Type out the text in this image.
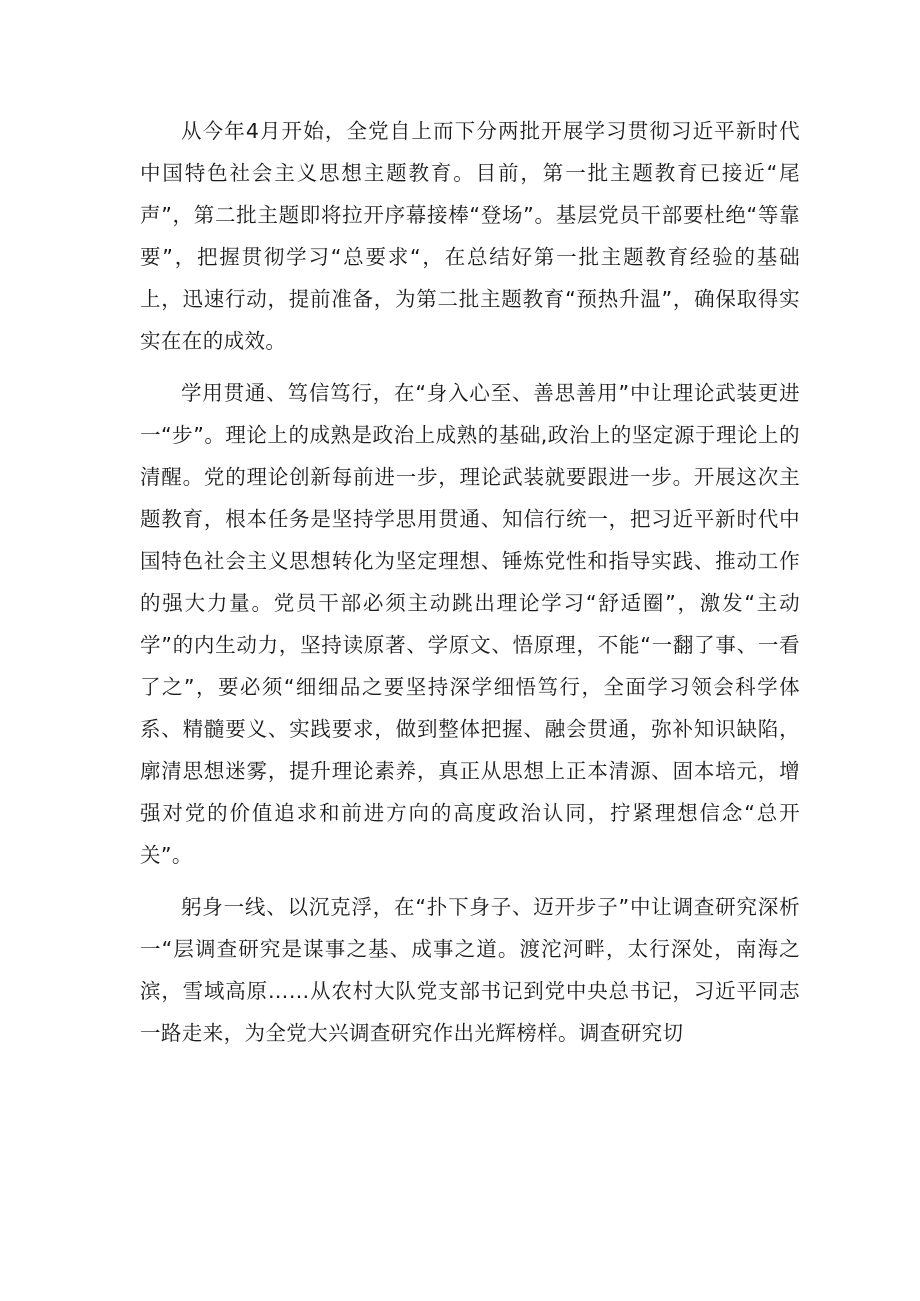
从今年4月开始，全党自上而下分两批开展学习贯彻习近平新时代中国特色社会主义思想主题教育。目前，第一批主题教育已接近“尾声”，第二批主题即将拉开序幕接棒“登场”。基层党员干部要杜绝“等靠要”，把握贯彻学习“总要求“，在总结好第一批主题教育经验的基础上，迅速行动，提前准备，为第二批主题教育“预热升温”，确保取得实实在在的成效。

学用贯通、笃信笃行，在“身入心至、善思善用”中让理论武装更进一“步”。理论上的成熟是政治上成熟的基础,政治上的坚定源于理论上的清醒。党的理论创新每前进一步，理论武装就要跟进一步。开展这次主题教育，根本任务是坚持学思用贯通、知信行统一，把习近平新时代中国特色社会主义思想转化为坚定理想、锤炼党性和指导实践、推动工作的强大力量。党员干部必须主动跳出理论学习“舒适圈”，激发“主动学”的内生动力，坚持读原著、学原文、悟原理，不能“一翻了事、一看了之”，要必须“细细品之要坚持深学细悟笃行，全面学习领会科学体系、精髓要义、实践要求，做到整体把握、融会贯通，弥补知识缺陷，廓清思想迷雾，提升理论素养，真正从思想上正本清源、固本培元，增强对党的价值追求和前进方向的高度政治认同，拧紧理想信念“总开关”。

躬身一线、以沉克浮，在“扑下身子、迈开步子”中让调查研究深析一“层调查研究是谋事之基、成事之道。渡沱河畔，太行深处，南海之滨，雪域高原……从农村大队党支部书记到党中央总书记，习近平同志一路走来，为全党大兴调查研究作出光辉榜样。调查研究切
